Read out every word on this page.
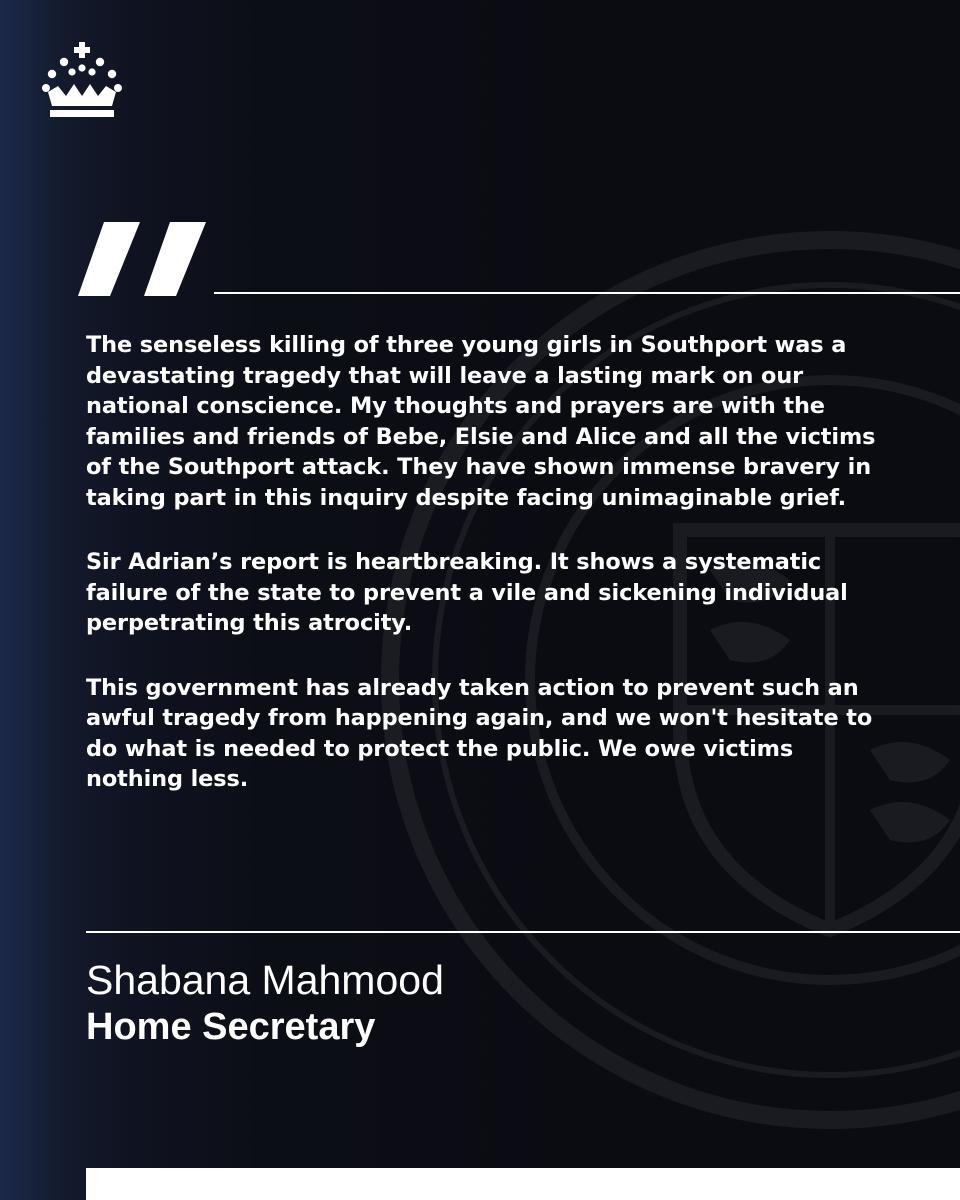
The senseless killing of three young girls in Southport was a devastating tragedy that will leave a lasting mark on our national conscience. My thoughts and prayers are with the families and friends of Bebe, Elsie and Alice and all the victims of the Southport attack. They have shown immense bravery in taking part in this inquiry despite facing unimaginable grief.

Sir Adrian’s report is heartbreaking. It shows a systematic failure of the state to prevent a vile and sickening individual perpetrating this atrocity.

This government has already taken action to prevent such an awful tragedy from happening again, and we won't hesitate to do what is needed to protect the public. We owe victims nothing less.

Shabana Mahmood
Home Secretary
